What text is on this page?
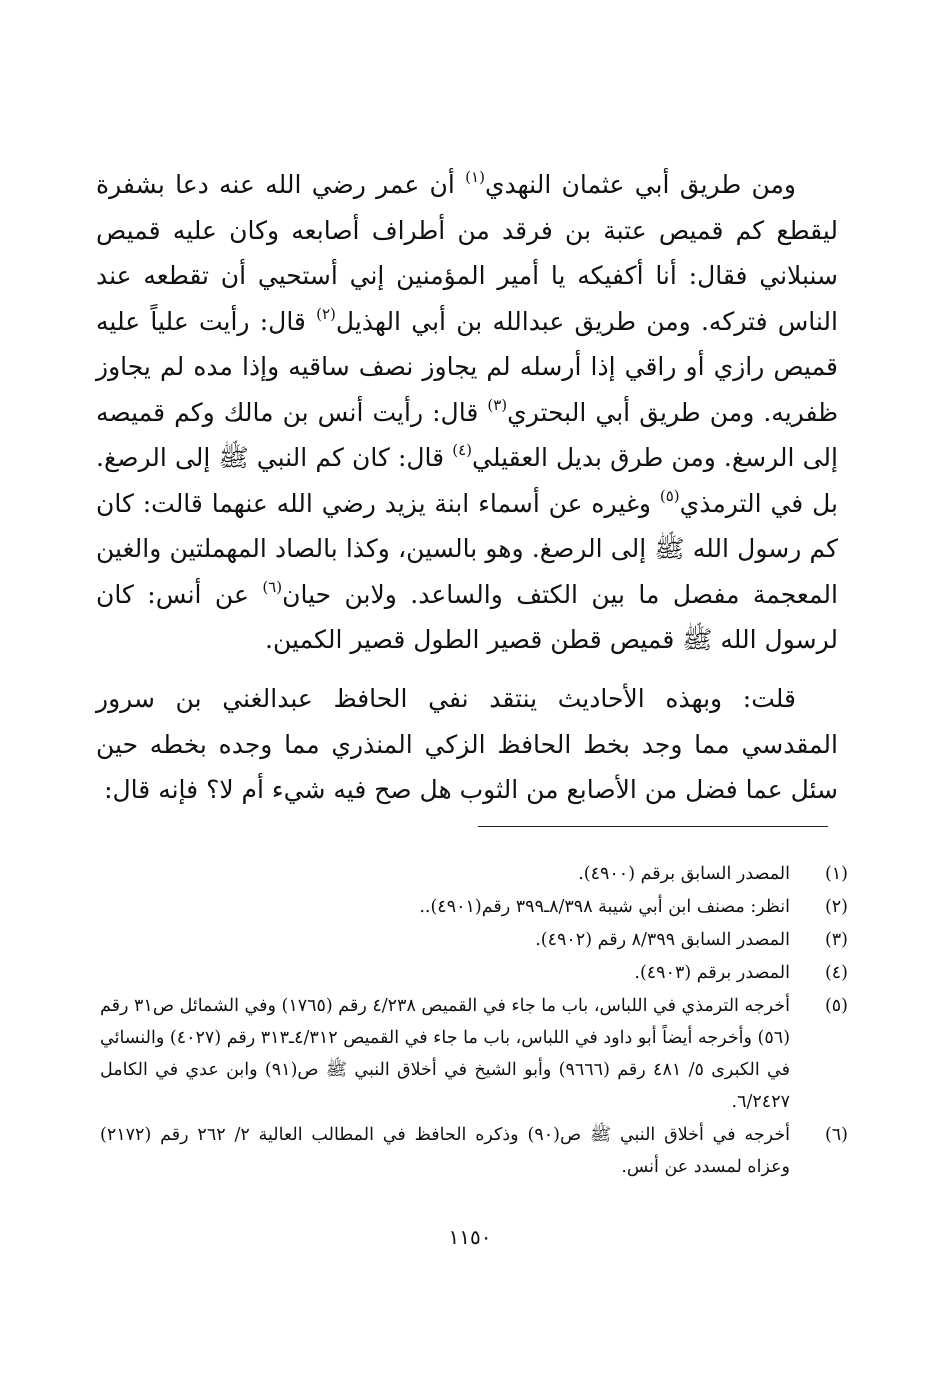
ومن طريق أبي عثمان النهدي$^{(١)}$ أن عمر رضي الله عنه دعا بشفرة ليقطع كم قميص عتبة بن فرقد من أطراف أصابعه وكان عليه قميص سنبلاني فقال: أنا أكفيكه يا أمير المؤمنين إني أستحيي أن تقطعه عند الناس فتركه. ومن طريق عبدالله بن أبي الهذيل$^{(٢)}$ قال: رأيت علياً عليه قميص رازي أو راقي إذا أرسله لم يجاوز نصف ساقيه وإذا مده لم يجاوز ظفريه. ومن طريق أبي البحتري$^{(٣)}$ قال: رأيت أنس بن مالك وكم قميصه إلى الرسغ. ومن طرق بديل العقيلي$^{(٤)}$ قال: كان كم النبي ﷺ إلى الرصغ. بل في الترمذي$^{(٥)}$ وغيره عن أسماء ابنة يزيد رضي الله عنهما قالت: كان كم رسول الله ﷺ إلى الرصغ. وهو بالسين، وكذا بالصاد المهملتين والغين المعجمة مفصل ما بين الكتف والساعد. ولابن حيان$^{(٦)}$ عن أنس: كان لرسول الله ﷺ قميص قطن قصير الطول قصير الكمين.

قلت: وبهذه الأحاديث ينتقد نفي الحافظ عبدالغني بن سرور المقدسي مما وجد بخط الحافظ الزكي المنذري مما وجده بخطه حين سئل عما فضل من الأصابع من الثوب هل صح فيه شيء أم لا؟ فإنه قال:

(١)
المصدر السابق برقم (٤٩٠٠).
(٢)
انظر: مصنف ابن أبي شيبة ٨/٣٩٨ـ٣٩٩ رقم(٤٩٠١)..
(٣)
المصدر السابق ٨/٣٩٩ رقم (٤٩٠٢).
(٤)
المصدر برقم (٤٩٠٣).
(٥)
أخرجه الترمذي في اللباس، باب ما جاء في القميص ٤/٢٣٨ رقم (١٧٦٥) وفي الشمائل ص٣١ رقم (٥٦) وأخرجه أيضاً أبو داود في اللباس، باب ما جاء في القميص ٤/٣١٢ـ٣١٣ رقم (٤٠٢٧) والنسائي في الكبرى ٥/ ٤٨١ رقم (٩٦٦٦) وأبو الشيخ في أخلاق النبي ﷺ ص(٩١) وابن عدي في الكامل ٦/٢٤٢٧.
(٦)
أخرجه في أخلاق النبي ﷺ ص(٩٠) وذكره الحافظ في المطالب العالية ٢/ ٢٦٢ رقم (٢١٧٢) وعزاه لمسدد عن أنس.
١١٥٠
